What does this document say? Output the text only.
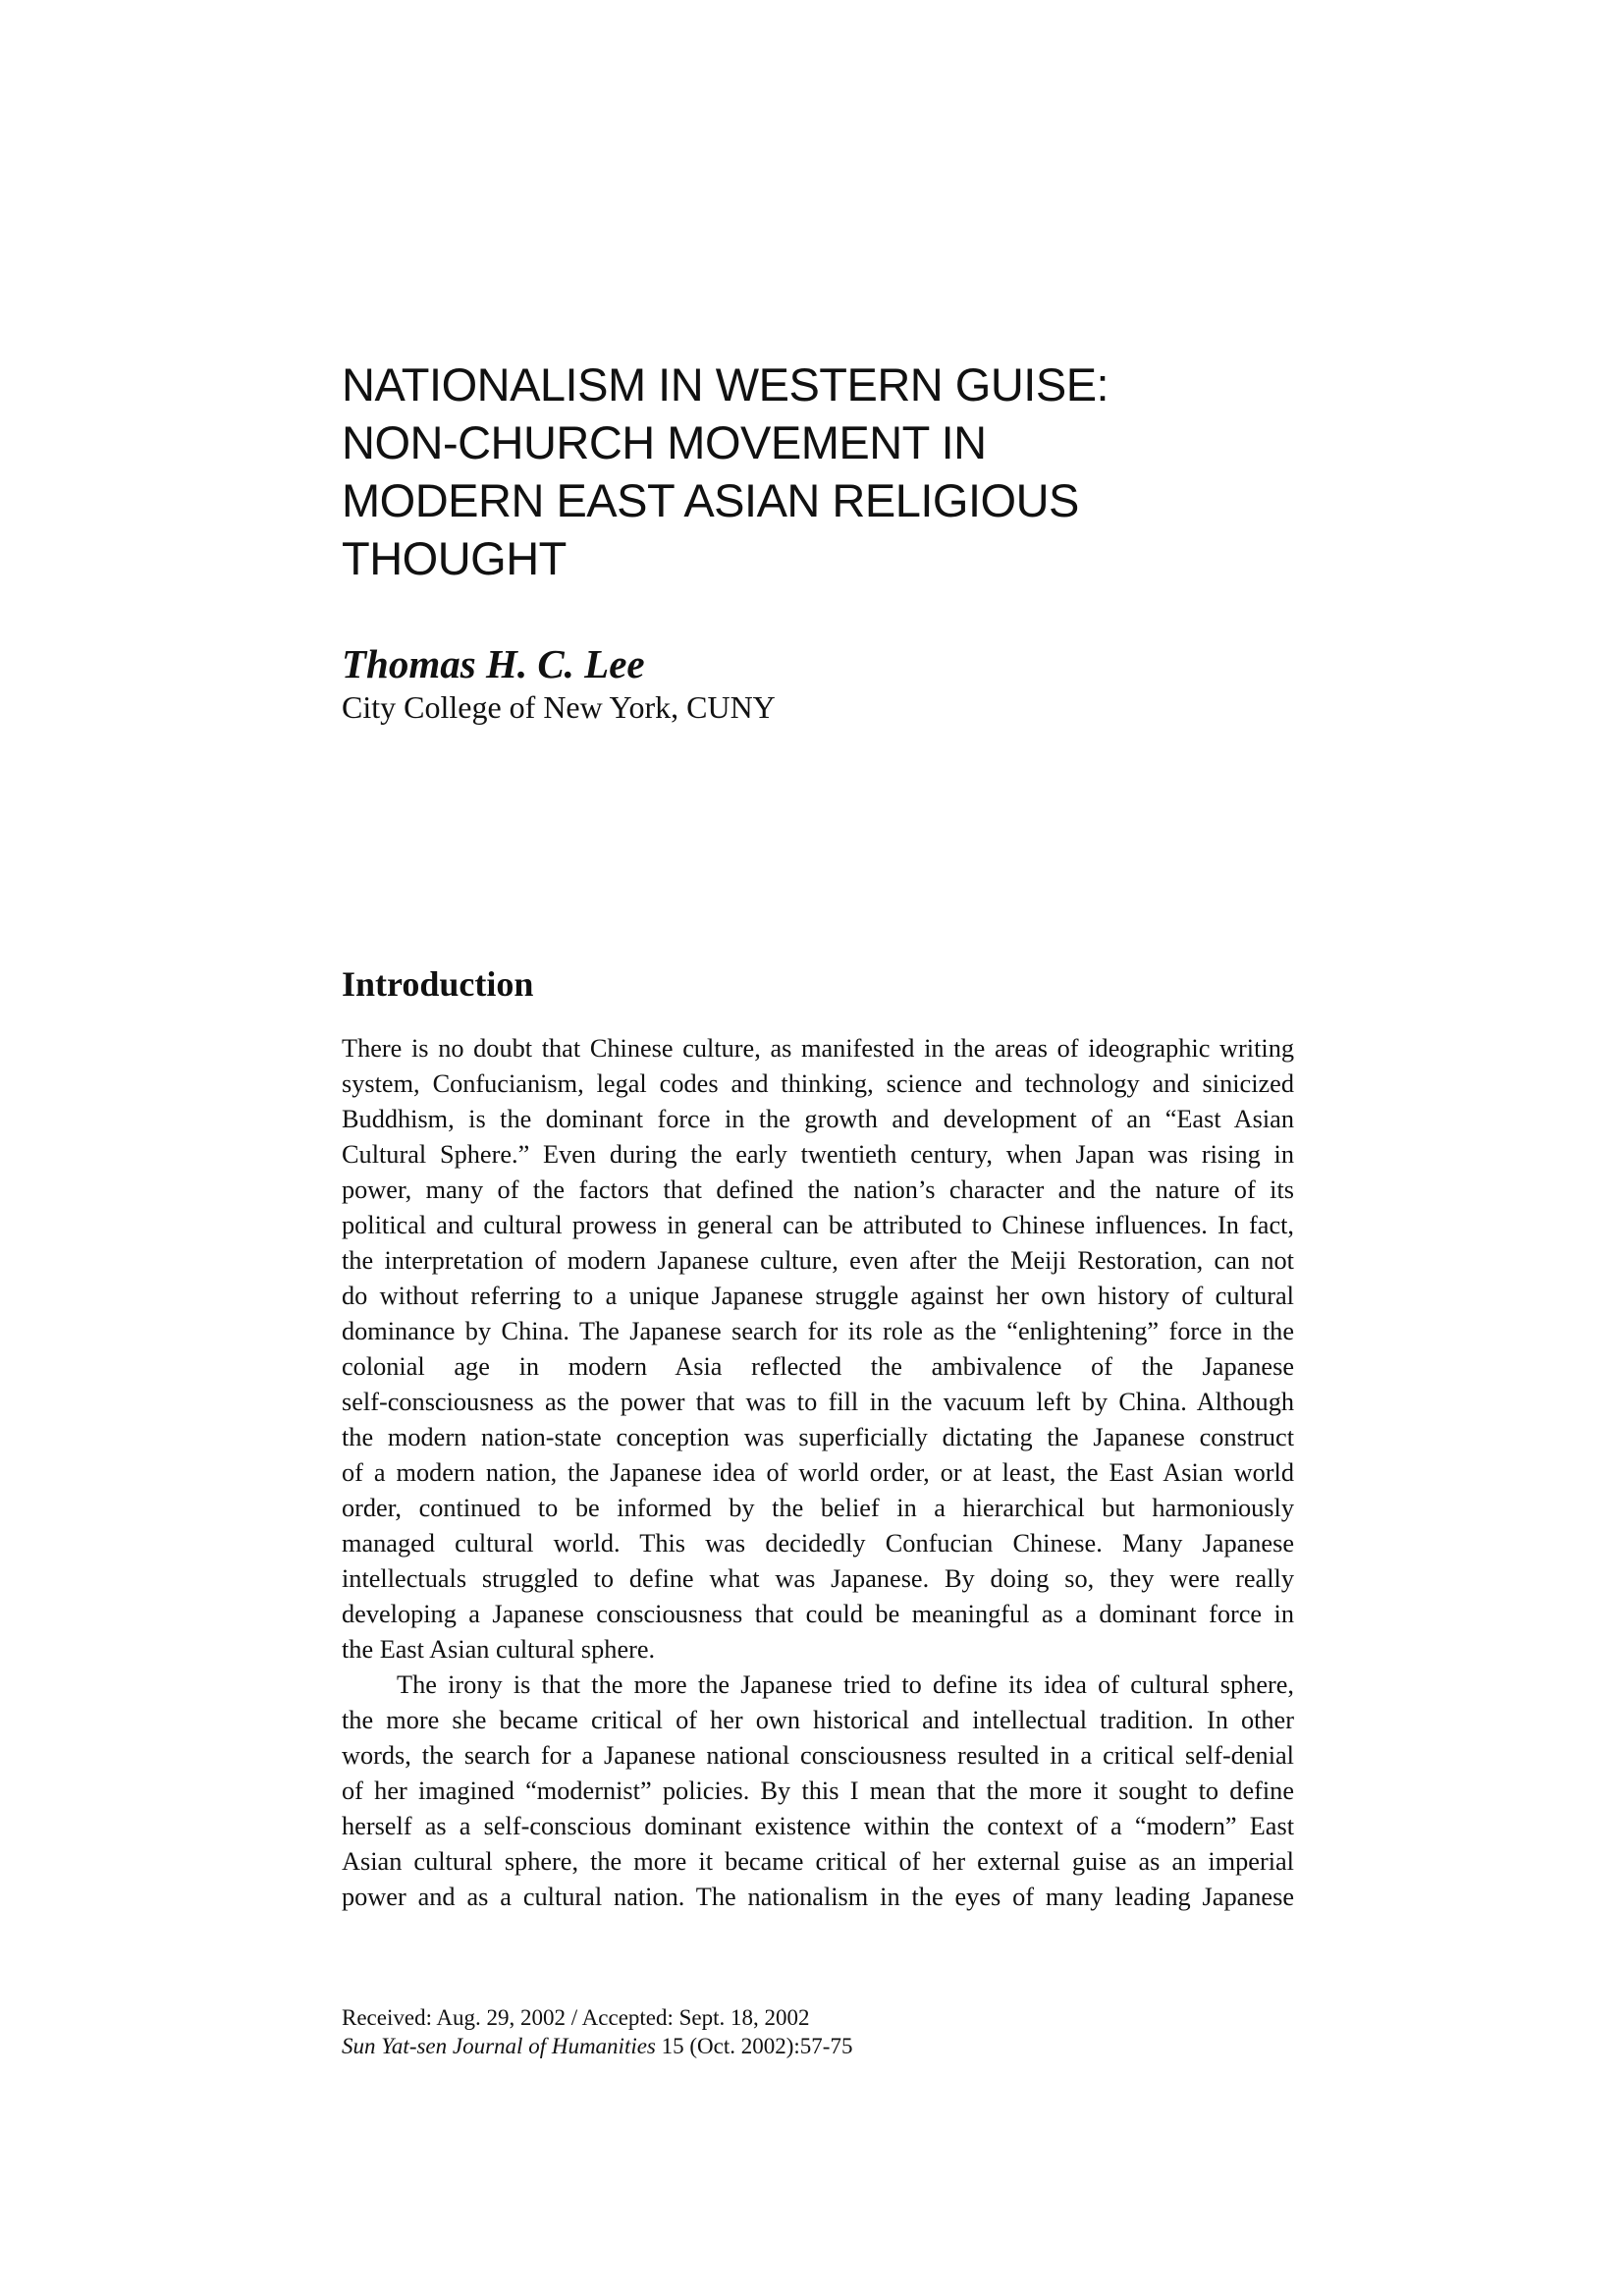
NATIONALISM IN WESTERN GUISE:
NON-CHURCH MOVEMENT IN
MODERN EAST ASIAN RELIGIOUS
THOUGHT

Thomas H. C. Lee

City College of New York, CUNY

Introduction
There is no doubt that Chinese culture, as manifested in the areas of ideographic writing
system, Confucianism, legal codes and thinking, science and technology and sinicized
Buddhism, is the dominant force in the growth and development of an “East Asian
Cultural Sphere.” Even during the early twentieth century, when Japan was rising in
power, many of the factors that defined the nation’s character and the nature of its
political and cultural prowess in general can be attributed to Chinese influences. In fact,
the interpretation of modern Japanese culture, even after the Meiji Restoration, can not
do without referring to a unique Japanese struggle against her own history of cultural
dominance by China. The Japanese search for its role as the “enlightening” force in the
colonial age in modern Asia reflected the ambivalence of the Japanese
self-consciousness as the power that was to fill in the vacuum left by China. Although
the modern nation-state conception was superficially dictating the Japanese construct
of a modern nation, the Japanese idea of world order, or at least, the East Asian world
order, continued to be informed by the belief in a hierarchical but harmoniously
managed cultural world. This was decidedly Confucian Chinese. Many Japanese
intellectuals struggled to define what was Japanese. By doing so, they were really
developing a Japanese consciousness that could be meaningful as a dominant force in
the East Asian cultural sphere.
The irony is that the more the Japanese tried to define its idea of cultural sphere,
the more she became critical of her own historical and intellectual tradition. In other
words, the search for a Japanese national consciousness resulted in a critical self-denial
of her imagined “modernist” policies. By this I mean that the more it sought to define
herself as a self-conscious dominant existence within the context of a “modern” East
Asian cultural sphere, the more it became critical of her external guise as an imperial
power and as a cultural nation. The nationalism in the eyes of many leading Japanese
Received: Aug. 29, 2002 / Accepted: Sept. 18, 2002
Sun Yat-sen Journal of Humanities 15 (Oct. 2002):57-75
